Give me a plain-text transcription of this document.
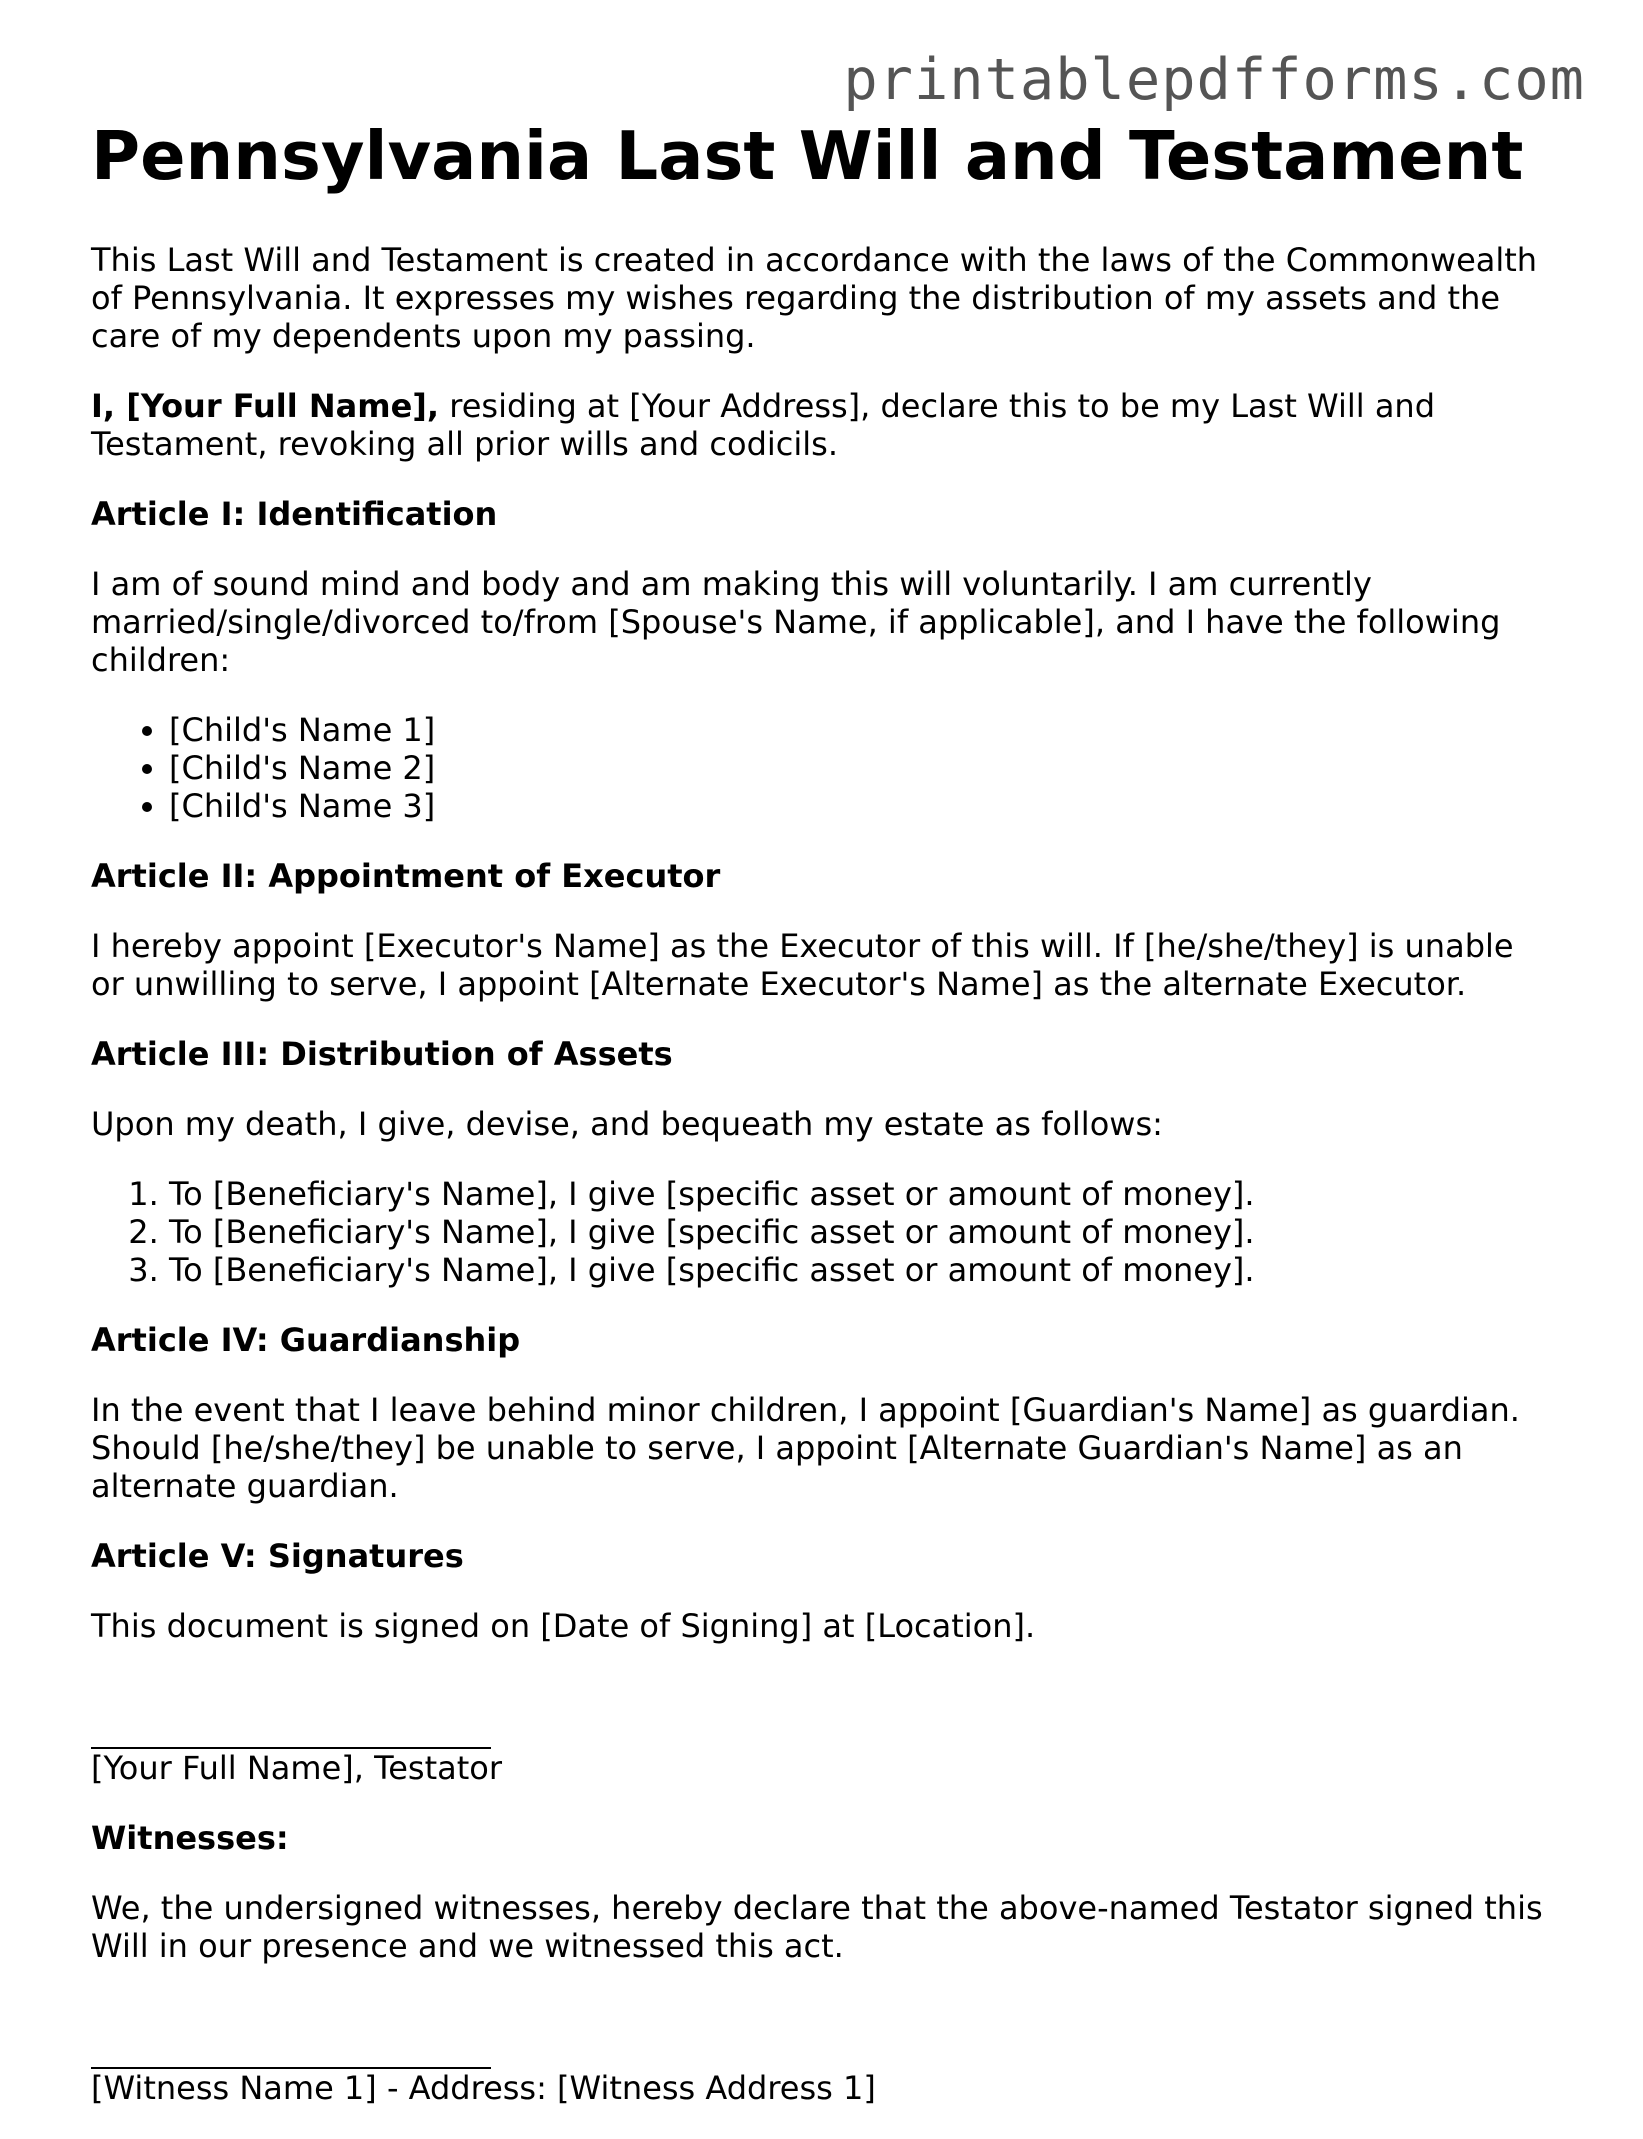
printablepdfforms.com
Pennsylvania Last Will and Testament

This Last Will and Testament is created in accordance with the laws of the Commonwealth of Pennsylvania. It expresses my wishes regarding the distribution of my assets and the care of my dependents upon my passing.

I, [Your Full Name], residing at [Your Address], declare this to be my Last Will and Testament, revoking all prior wills and codicils.

Article I: Identification

I am of sound mind and body and am making this will voluntarily. I am currently married/single/divorced to/from [Spouse's Name, if applicable], and I have the following children:

• [Child's Name 1]
• [Child's Name 2]
• [Child's Name 3]
Article II: Appointment of Executor

I hereby appoint [Executor's Name] as the Executor of this will. If [he/she/they] is unable or unwilling to serve, I appoint [Alternate Executor's Name] as the alternate Executor.

Article III: Distribution of Assets

Upon my death, I give, devise, and bequeath my estate as follows:

1. To [Beneficiary's Name], I give [specific asset or amount of money].
2. To [Beneficiary's Name], I give [specific asset or amount of money].
3. To [Beneficiary's Name], I give [specific asset or amount of money].
Article IV: Guardianship

In the event that I leave behind minor children, I appoint [Guardian's Name] as guardian. Should [he/she/they] be unable to serve, I appoint [Alternate Guardian's Name] as an alternate guardian.

Article V: Signatures

This document is signed on [Date of Signing] at [Location].

[Your Full Name], Testator
Witnesses:

We, the undersigned witnesses, hereby declare that the above-named Testator signed this Will in our presence and we witnessed this act.

[Witness Name 1] - Address: [Witness Address 1]
